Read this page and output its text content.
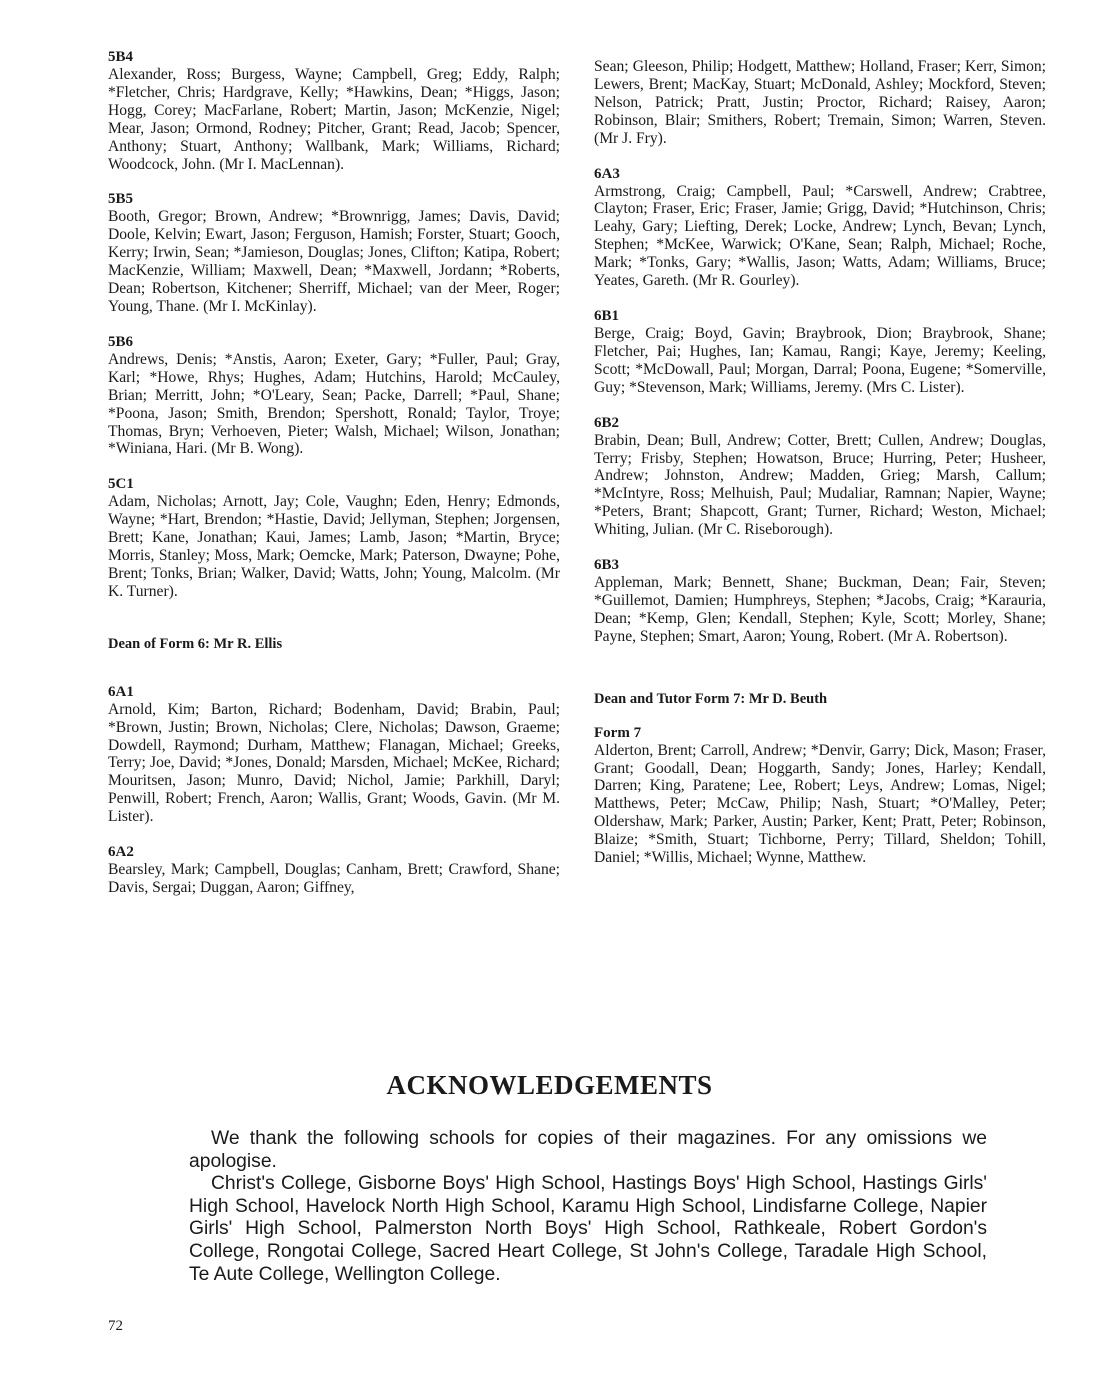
5B4

Alexander, Ross; Burgess, Wayne; Campbell, Greg; Eddy, Ralph; *Fletcher, Chris; Hardgrave, Kelly; *Hawkins, Dean; *Higgs, Jason; Hogg, Corey; MacFarlane, Robert; Martin, Jason; McKenzie, Nigel; Mear, Jason; Ormond, Rodney; Pitcher, Grant; Read, Jacob; Spencer, Anthony; Stuart, Anthony; Wallbank, Mark; Williams, Richard; Woodcock, John. (Mr I. MacLennan).

5B5

Booth, Gregor; Brown, Andrew; *Brownrigg, James; Davis, David; Doole, Kelvin; Ewart, Jason; Ferguson, Hamish; Forster, Stuart; Gooch, Kerry; Irwin, Sean; *Jamieson, Douglas; Jones, Clifton; Katipa, Robert; MacKenzie, William; Maxwell, Dean; *Maxwell, Jordann; *Roberts, Dean; Robertson, Kitchener; Sherriff, Michael; van der Meer, Roger; Young, Thane. (Mr I. McKinlay).

5B6

Andrews, Denis; *Anstis, Aaron; Exeter, Gary; *Fuller, Paul; Gray, Karl; *Howe, Rhys; Hughes, Adam; Hutchins, Harold; McCauley, Brian; Merritt, John; *O'Leary, Sean; Packe, Darrell; *Paul, Shane; *Poona, Jason; Smith, Brendon; Spershott, Ronald; Taylor, Troye; Thomas, Bryn; Verhoeven, Pieter; Walsh, Michael; Wilson, Jonathan; *Winiana, Hari. (Mr B. Wong).

5C1

Adam, Nicholas; Arnott, Jay; Cole, Vaughn; Eden, Henry; Edmonds, Wayne; *Hart, Brendon; *Hastie, David; Jellyman, Stephen; Jorgensen, Brett; Kane, Jonathan; Kaui, James; Lamb, Jason; *Martin, Bryce; Morris, Stanley; Moss, Mark; Oemcke, Mark; Paterson, Dwayne; Pohe, Brent; Tonks, Brian; Walker, David; Watts, John; Young, Malcolm. (Mr K. Turner).

Dean of Form 6: Mr R. Ellis
6A1

Arnold, Kim; Barton, Richard; Bodenham, David; Brabin, Paul; *Brown, Justin; Brown, Nicholas; Clere, Nicholas; Dawson, Graeme; Dowdell, Raymond; Durham, Matthew; Flanagan, Michael; Greeks, Terry; Joe, David; *Jones, Donald; Marsden, Michael; McKee, Richard; Mouritsen, Jason; Munro, David; Nichol, Jamie; Parkhill, Daryl; Penwill, Robert; French, Aaron; Wallis, Grant; Woods, Gavin. (Mr M. Lister).

6A2

Bearsley, Mark; Campbell, Douglas; Canham, Brett; Crawford, Shane; Davis, Sergai; Duggan, Aaron; Giffney,

Sean; Gleeson, Philip; Hodgett, Matthew; Holland, Fraser; Kerr, Simon; Lewers, Brent; MacKay, Stuart; McDonald, Ashley; Mockford, Steven; Nelson, Patrick; Pratt, Justin; Proctor, Richard; Raisey, Aaron; Robinson, Blair; Smithers, Robert; Tremain, Simon; Warren, Steven. (Mr J. Fry).

6A3

Armstrong, Craig; Campbell, Paul; *Carswell, Andrew; Crabtree, Clayton; Fraser, Eric; Fraser, Jamie; Grigg, David; *Hutchinson, Chris; Leahy, Gary; Liefting, Derek; Locke, Andrew; Lynch, Bevan; Lynch, Stephen; *McKee, Warwick; O'Kane, Sean; Ralph, Michael; Roche, Mark; *Tonks, Gary; *Wallis, Jason; Watts, Adam; Williams, Bruce; Yeates, Gareth. (Mr R. Gourley).

6B1

Berge, Craig; Boyd, Gavin; Braybrook, Dion; Braybrook, Shane; Fletcher, Pai; Hughes, Ian; Kamau, Rangi; Kaye, Jeremy; Keeling, Scott; *McDowall, Paul; Morgan, Darral; Poona, Eugene; *Somerville, Guy; *Stevenson, Mark; Williams, Jeremy. (Mrs C. Lister).

6B2

Brabin, Dean; Bull, Andrew; Cotter, Brett; Cullen, Andrew; Douglas, Terry; Frisby, Stephen; Howatson, Bruce; Hurring, Peter; Husheer, Andrew; Johnston, Andrew; Madden, Grieg; Marsh, Callum; *McIntyre, Ross; Melhuish, Paul; Mudaliar, Ramnan; Napier, Wayne; *Peters, Brant; Shapcott, Grant; Turner, Richard; Weston, Michael; Whiting, Julian. (Mr C. Riseborough).

6B3

Appleman, Mark; Bennett, Shane; Buckman, Dean; Fair, Steven; *Guillemot, Damien; Humphreys, Stephen; *Jacobs, Craig; *Karauria, Dean; *Kemp, Glen; Kendall, Stephen; Kyle, Scott; Morley, Shane; Payne, Stephen; Smart, Aaron; Young, Robert. (Mr A. Robertson).

Dean and Tutor Form 7: Mr D. Beuth
Form 7

Alderton, Brent; Carroll, Andrew; *Denvir, Garry; Dick, Mason; Fraser, Grant; Goodall, Dean; Hoggarth, Sandy; Jones, Harley; Kendall, Darren; King, Paratene; Lee, Robert; Leys, Andrew; Lomas, Nigel; Matthews, Peter; McCaw, Philip; Nash, Stuart; *O'Malley, Peter; Oldershaw, Mark; Parker, Austin; Parker, Kent; Pratt, Peter; Robinson, Blaize; *Smith, Stuart; Tichborne, Perry; Tillard, Sheldon; Tohill, Daniel; *Willis, Michael; Wynne, Matthew.

ACKNOWLEDGEMENTS

We thank the following schools for copies of their magazines. For any omissions we apologise.

Christ's College, Gisborne Boys' High School, Hastings Boys' High School, Hastings Girls' High School, Havelock North High School, Karamu High School, Lindisfarne College, Napier Girls' High School, Palmerston North Boys' High School, Rathkeale, Robert Gordon's College, Rongotai College, Sacred Heart College, St John's College, Taradale High School, Te Aute College, Wellington College.

72
